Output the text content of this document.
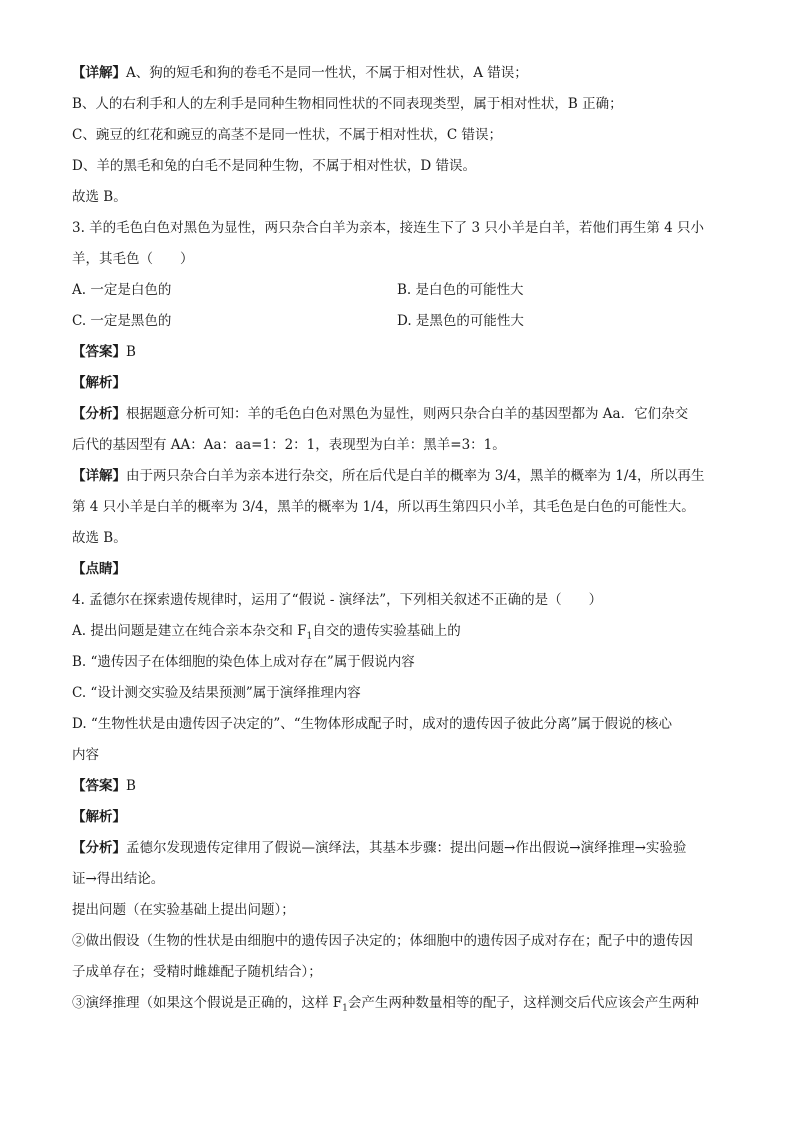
【详解】A、狗的短毛和狗的卷毛不是同一性状，不属于相对性状，A 错误；
B、人的右利手和人的左利手是同种生物相同性状的不同表现类型，属于相对性状，B 正确；
C、豌豆的红花和豌豆的高茎不是同一性状，不属于相对性状，C 错误；
D、羊的黑毛和兔的白毛不是同种生物，不属于相对性状，D 错误。
故选 B。
3. 羊的毛色白色对黑色为显性，两只杂合白羊为亲本，接连生下了 3 只小羊是白羊，若他们再生第 4 只小
羊，其毛色（　　）
A. 一定是白色的	B. 是白色的可能性大
C. 一定是黑色的	D. 是黑色的可能性大
【答案】B
【解析】
【分析】根据题意分析可知：羊的毛色白色对黑色为显性，则两只杂合白羊的基因型都为 Aa．它们杂交
后代的基因型有 AA：Aa：aa=1：2：1，表现型为白羊：黑羊=3：1。
【详解】由于两只杂合白羊为亲本进行杂交，所在后代是白羊的概率为 3/4，黑羊的概率为 1/4，所以再生
第 4 只小羊是白羊的概率为 3/4，黑羊的概率为 1/4，所以再生第四只小羊，其毛色是白色的可能性大。
故选 B。
【点睛】
4. 孟德尔在探索遗传规律时，运用了“假说 - 演绎法”，下列相关叙述不正确的是（　　）
A. 提出问题是建立在纯合亲本杂交和 $F_1$自交的遗传实验基础上的
B. “遗传因子在体细胞的染色体上成对存在”属于假说内容
C. “设计测交实验及结果预测”属于演绎推理内容
D. “生物性状是由遗传因子决定的”、“生物体形成配子时，成对的遗传因子彼此分离”属于假说的核心
内容
【答案】B
【解析】
【分析】孟德尔发现遗传定律用了假说—演绎法，其基本步骤：提出问题→作出假说→演绎推理→实验验
证→得出结论。
提出问题（在实验基础上提出问题）；
②做出假设（生物的性状是由细胞中的遗传因子决定的；体细胞中的遗传因子成对存在；配子中的遗传因
子成单存在；受精时雌雄配子随机结合）；
③演绎推理（如果这个假说是正确的，这样 $F_1$会产生两种数量相等的配子，这样测交后代应该会产生两种
